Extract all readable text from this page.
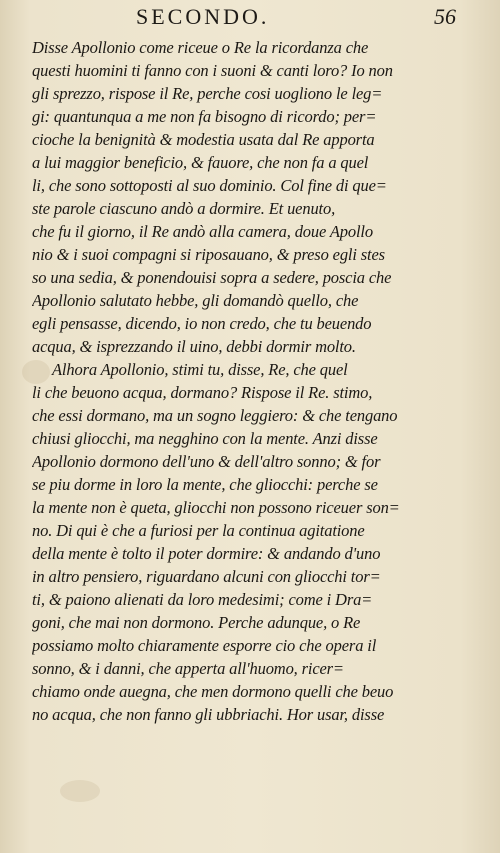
SECONDO.	56
Disse Apollonio come riceue o Re la ricordanza che
questi huomini ti fanno con i suoni & canti loro? Io non
gli sprezzo, rispose il Re, perche cosi uogliono le leg=
gi: quantunqua a me non fa bisogno di ricordo; per=
cioche la benignità & modestia usata dal Re apporta
a lui maggior beneficio, & fauore, che non fa a quel
li, che sono sottoposti al suo dominio. Col fine di que=
ste parole ciascuno andò a dormire. Et uenuto,
che fu il giorno, il Re andò alla camera, doue Apollo
nio & i suoi compagni si riposauano, & preso egli stes
so una sedia, & ponendouisi sopra a sedere, poscia che
Apollonio salutato hebbe, gli domandò quello, che
egli pensasse, dicendo, io non credo, che tu beuendo
acqua, & isprezzando il uino, debbi dormir molto.
Alhora Apollonio, stimi tu, disse, Re, che quel
li che beuono acqua, dormano? Rispose il Re. stimo,
che essi dormano, ma un sogno leggiero: & che tengano
chiusi gliocchi, ma negghino con la mente. Anzi disse
Apollonio dormono dell'uno & dell'altro sonno; & for
se piu dorme in loro la mente, che gliocchi: perche se
la mente non è queta, gliocchi non possono riceuer son=
no. Di qui è che a furiosi per la continua agitatione
della mente è tolto il poter dormire: & andando d'uno
in altro pensiero, riguardano alcuni con gliocchi tor=
ti, & paiono alienati da loro medesimi; come i Dra=
goni, che mai non dormono. Perche adunque, o Re
possiamo molto chiaramente esporre cio che opera il
sonno, & i danni, che apperta all'huomo, ricer=
chiamo onde auegna, che men dormono quelli che beuo
no acqua, che non fanno gli ubbriachi. Hor usar, disse
